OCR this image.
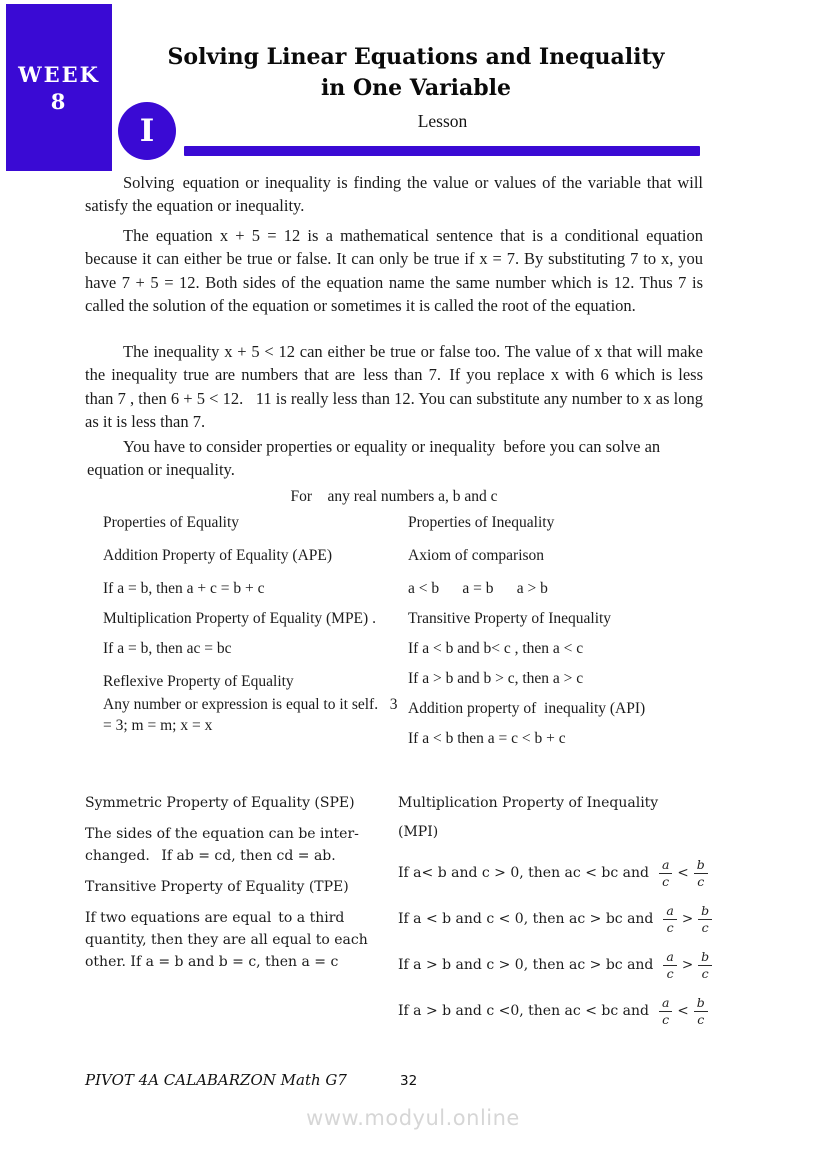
WEEK
8
Solving Linear Equations and Inequality
in One Variable
I	Lesson

Solving equation or inequality is finding the value or values of the variable that will satisfy the equation or inequality.

The equation x + 5 = 12 is a mathematical sentence that is a conditional equation because it can either be true or false. It can only be true if x = 7. By substituting 7 to x, you have 7 + 5 = 12. Both sides of the equation name the same number which is 12. Thus 7 is called the solution of the equation or sometimes it is called the root of the equation.

The inequality x + 5 < 12 can either be true or false too. The value of x that will make the inequality true are numbers that are less than 7. If you replace x with 6 which is less than 7 , then 6 + 5 < 12.  11 is really less than 12. You can substitute any number to x as long as it is less than 7.

You have to consider properties or equality or inequality before you can solve an equation or inequality.

For  any real numbers a, b and c

Properties of Equality

Addition Property of Equality (APE)

If a = b, then a + c = b + c

Multiplication Property of Equality (MPE) .

If a = b, then ac = bc

Reflexive Property of Equality

Any number or expression is equal to it self.  3 = 3; m = m; x = x

Properties of Inequality

Axiom of comparison

a < b  a = b  a > b

Transitive Property of Inequality

If a < b and b< c , then a < c

If a > b and b > c, then a > c

Addition property of inequality (API)

If a < b then a = c < b + c

Symmetric Property of Equality (SPE)

The sides of the equation can be inter-changed.  If ab = cd, then cd = ab.

Transitive Property of Equality (TPE)

If two equations are equal to a third quantity, then they are all equal to each other. If a = b and b = c, then a = c

Multiplication Property of Inequality

(MPI)

If a< b and c > 0, then ac < bc and $\frac{a}{c} < \frac{b}{c}$
If a < b and c < 0, then ac > bc and $\frac{a}{c} > \frac{b}{c}$
If a > b and c > 0, then ac > bc and $\frac{a}{c} > \frac{b}{c}$
If a > b and c <0, then ac < bc and $\frac{a}{c} < \frac{b}{c}$
PIVOT 4A CALABARZON Math G7	32
www.modyul.online
